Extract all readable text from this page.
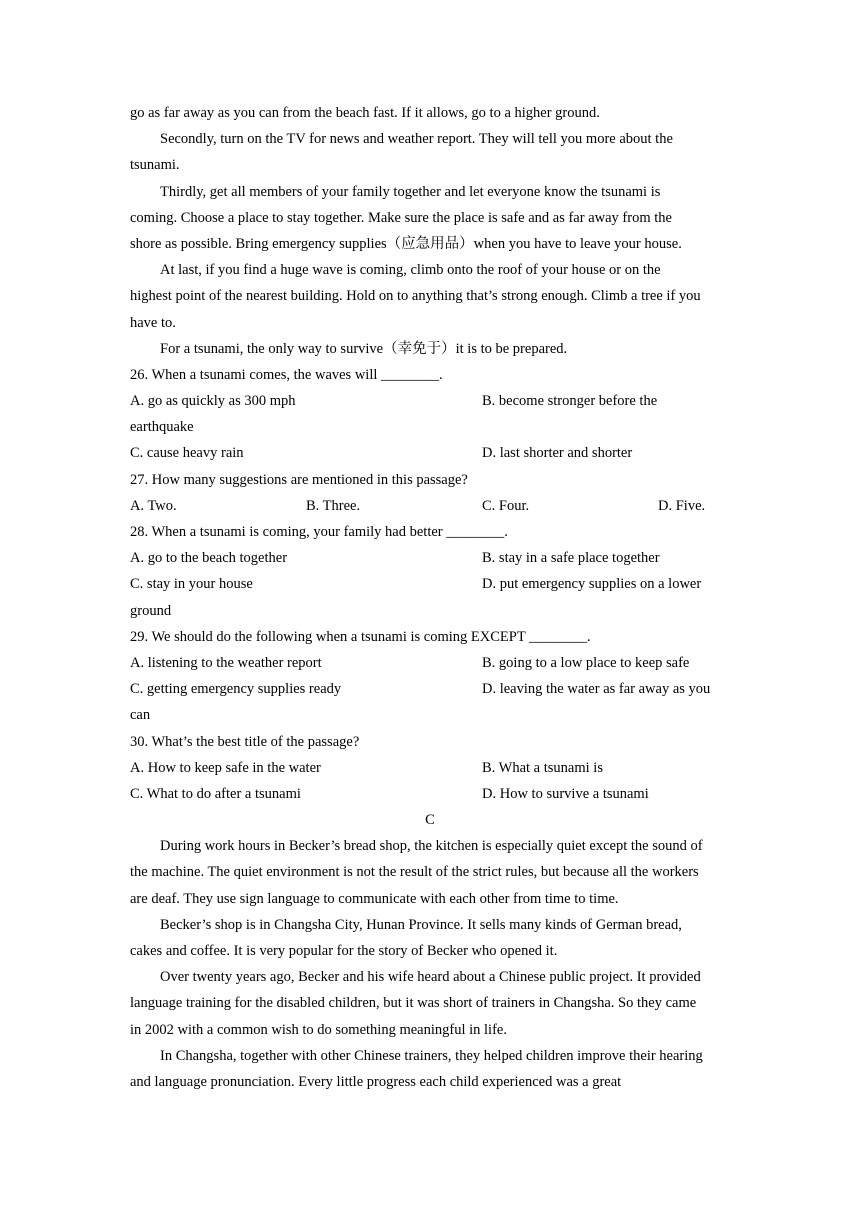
go as far away as you can from the beach fast. If it allows, go to a higher ground.
Secondly, turn on the TV for news and weather report. They will tell you more about the
tsunami.
Thirdly, get all members of your family together and let everyone know the tsunami is
coming. Choose a place to stay together. Make sure the place is safe and as far away from the
shore as possible. Bring emergency supplies（应急用品）when you have to leave your house.
At last, if you find a huge wave is coming, climb onto the roof of your house or on the
highest point of the nearest building. Hold on to anything that’s strong enough. Climb a tree if you
have to.
For a tsunami, the only way to survive（幸免于）it is to be prepared.
26. When a tsunami comes, the waves will ________.
A. go as quickly as 300 mph	B. become stronger before the
earthquake
C. cause heavy rain	D. last shorter and shorter
27. How many suggestions are mentioned in this passage?
A. Two.	B. Three.	C. Four.	D. Five.
28. When a tsunami is coming, your family had better ________.
A. go to the beach together	B. stay in a safe place together
C. stay in your house	D. put emergency supplies on a lower
ground
29. We should do the following when a tsunami is coming EXCEPT ________.
A. listening to the weather report	B. going to a low place to keep safe
C. getting emergency supplies ready	D. leaving the water as far away as you
can
30. What’s the best title of the passage?
A. How to keep safe in the water	B. What a tsunami is
C. What to do after a tsunami	D. How to survive a tsunami
C
During work hours in Becker’s bread shop, the kitchen is especially quiet except the sound of
the machine. The quiet environment is not the result of the strict rules, but because all the workers
are deaf. They use sign language to communicate with each other from time to time.
Becker’s shop is in Changsha City, Hunan Province. It sells many kinds of German bread,
cakes and coffee. It is very popular for the story of Becker who opened it.
Over twenty years ago, Becker and his wife heard about a Chinese public project. It provided
language training for the disabled children, but it was short of trainers in Changsha. So they came
in 2002 with a common wish to do something meaningful in life.
In Changsha, together with other Chinese trainers, they helped children improve their hearing
and language pronunciation. Every little progress each child experienced was a great
